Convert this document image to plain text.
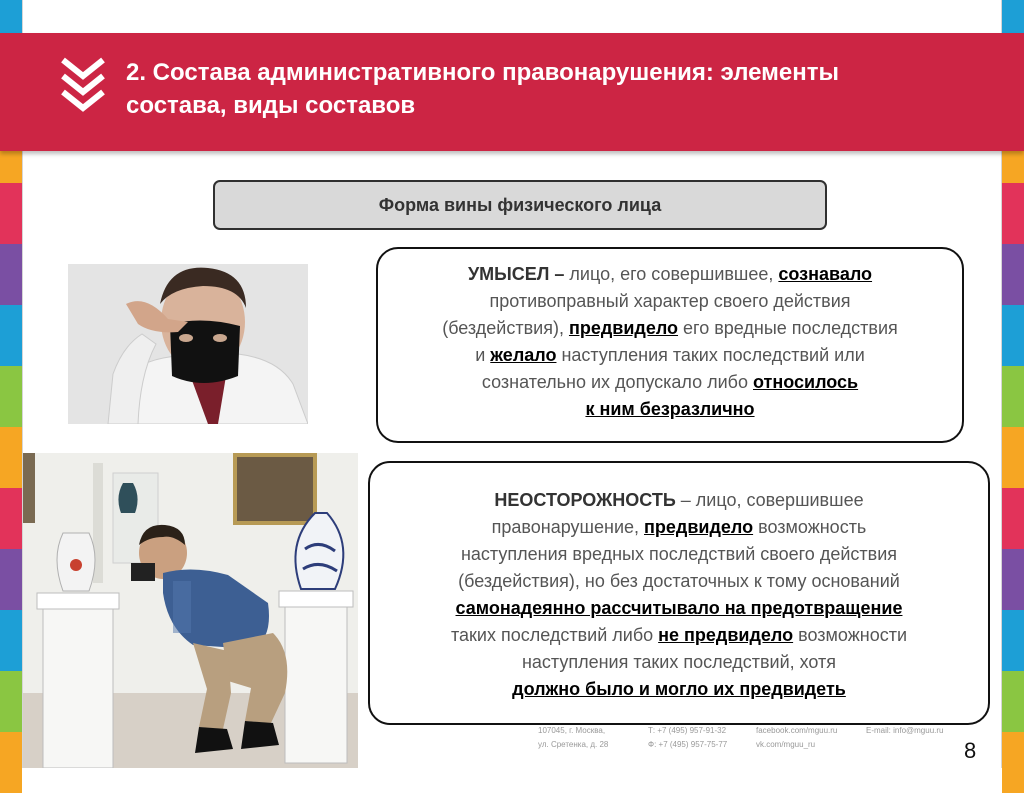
2. Состава административного правонарушения: элементы
состава, виды составов
Форма вины физического лица
УМЫСЕЛ – лицо, его совершившее, сознавало
противоправный характер своего действия
(бездействия), предвидело его вредные последствия
и желало наступления таких последствий или
сознательно их допускало либо относилось
к ним безразлично
НЕОСТОРОЖНОСТЬ – лицо, совершившее
правонарушение, предвидело возможность
наступления вредных последствий своего действия
(бездействия), но без достаточных к тому оснований
самонадеянно рассчитывало на предотвращение
таких последствий либо не предвидело возможности
наступления таких последствий, хотя
должно было и могло их предвидеть
107045, г. Москва,
ул. Сретенка, д. 28
Т: +7 (495) 957-91-32
Ф: +7 (495) 957-75-77
facebook.com/mguu.ru
vk.com/mguu_ru
E-mail: info@mguu.ru
8
